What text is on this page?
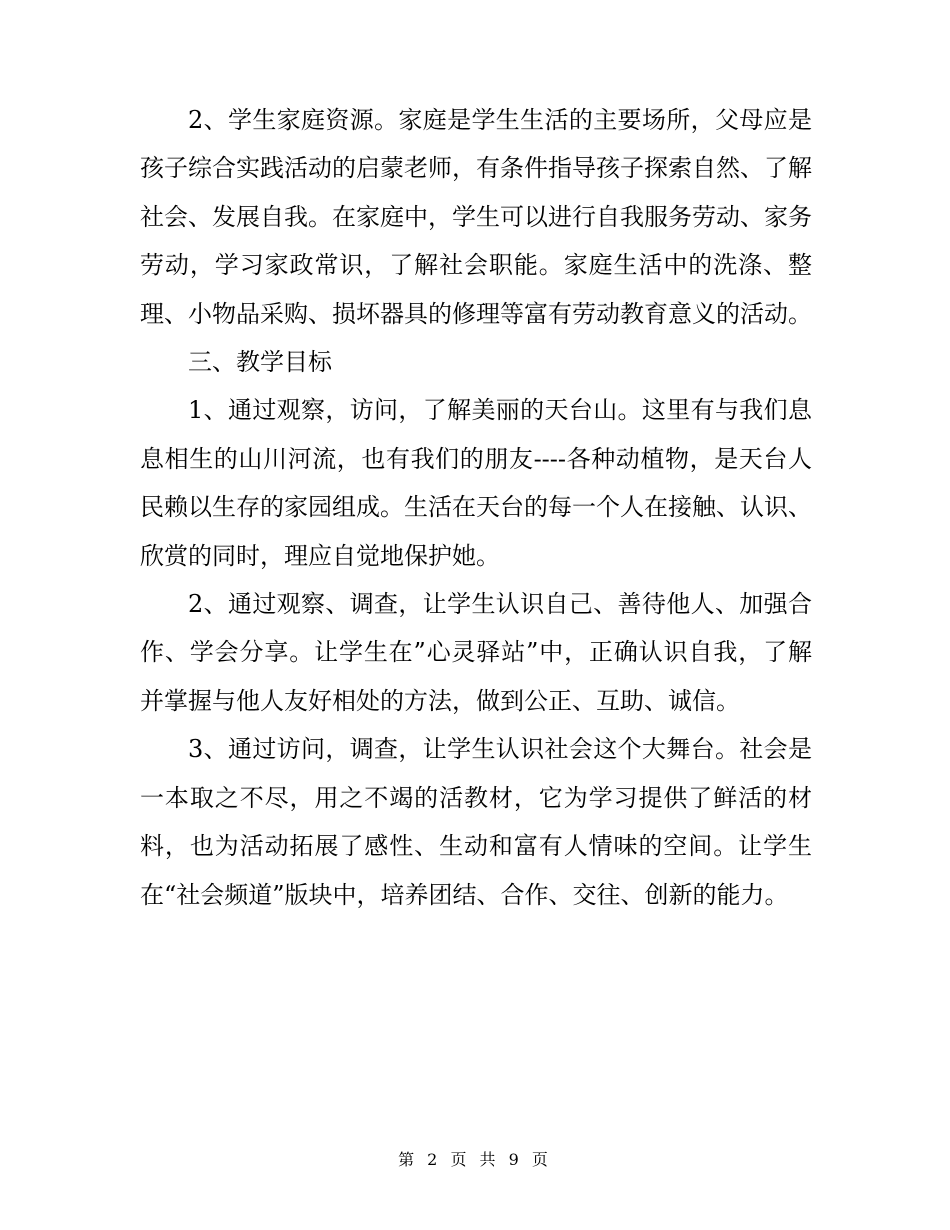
2、学生家庭资源。家庭是学生生活的主要场所，父母应是孩子综合实践活动的启蒙老师，有条件指导孩子探索自然、了解社会、发展自我。在家庭中，学生可以进行自我服务劳动、家务劳动，学习家政常识，了解社会职能。家庭生活中的洗涤、整理、小物品采购、损坏器具的修理等富有劳动教育意义的活动。

三、教学目标

1、通过观察，访问，了解美丽的天台山。这里有与我们息息相生的山川河流，也有我们的朋友----各种动植物，是天台人民赖以生存的家园组成。生活在天台的每一个人在接触、认识、欣赏的同时，理应自觉地保护她。

2、通过观察、调查，让学生认识自己、善待他人、加强合作、学会分享。让学生在”心灵驿站”中，正确认识自我，了解并掌握与他人友好相处的方法，做到公正、互助、诚信。

3、通过访问，调查，让学生认识社会这个大舞台。社会是一本取之不尽，用之不竭的活教材，它为学习提供了鲜活的材料，也为活动拓展了感性、生动和富有人情味的空间。让学生在“社会频道”版块中，培养团结、合作、交往、创新的能力。

第 2 页 共 9 页
